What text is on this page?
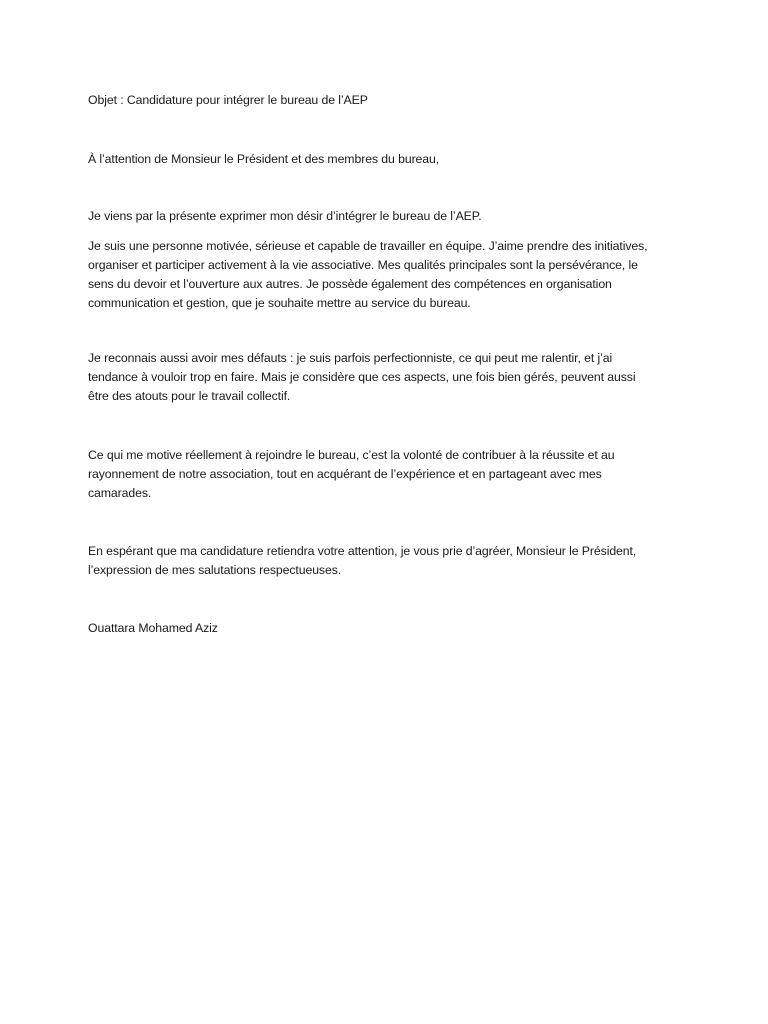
Objet : Candidature pour intégrer le bureau de l’AEP
À l’attention de Monsieur le Président et des membres du bureau,
Je viens par la présente exprimer mon désir d’intégrer le bureau de l’AEP.
Je suis une personne motivée, sérieuse et capable de travailler en équipe. J’aime prendre des initiatives,
organiser et participer activement à la vie associative. Mes qualités principales sont la persévérance, le
sens du devoir et l’ouverture aux autres. Je possède également des compétences en organisation
communication et gestion, que je souhaite mettre au service du bureau.
Je reconnais aussi avoir mes défauts : je suis parfois perfectionniste, ce qui peut me ralentir, et j’ai
tendance à vouloir trop en faire. Mais je considère que ces aspects, une fois bien gérés, peuvent aussi
être des atouts pour le travail collectif.
Ce qui me motive réellement à rejoindre le bureau, c’est la volonté de contribuer à la réussite et au
rayonnement de notre association, tout en acquérant de l’expérience et en partageant avec mes
camarades.
En espérant que ma candidature retiendra votre attention, je vous prie d’agréer, Monsieur le Président,
l’expression de mes salutations respectueuses.
Ouattara Mohamed Aziz
